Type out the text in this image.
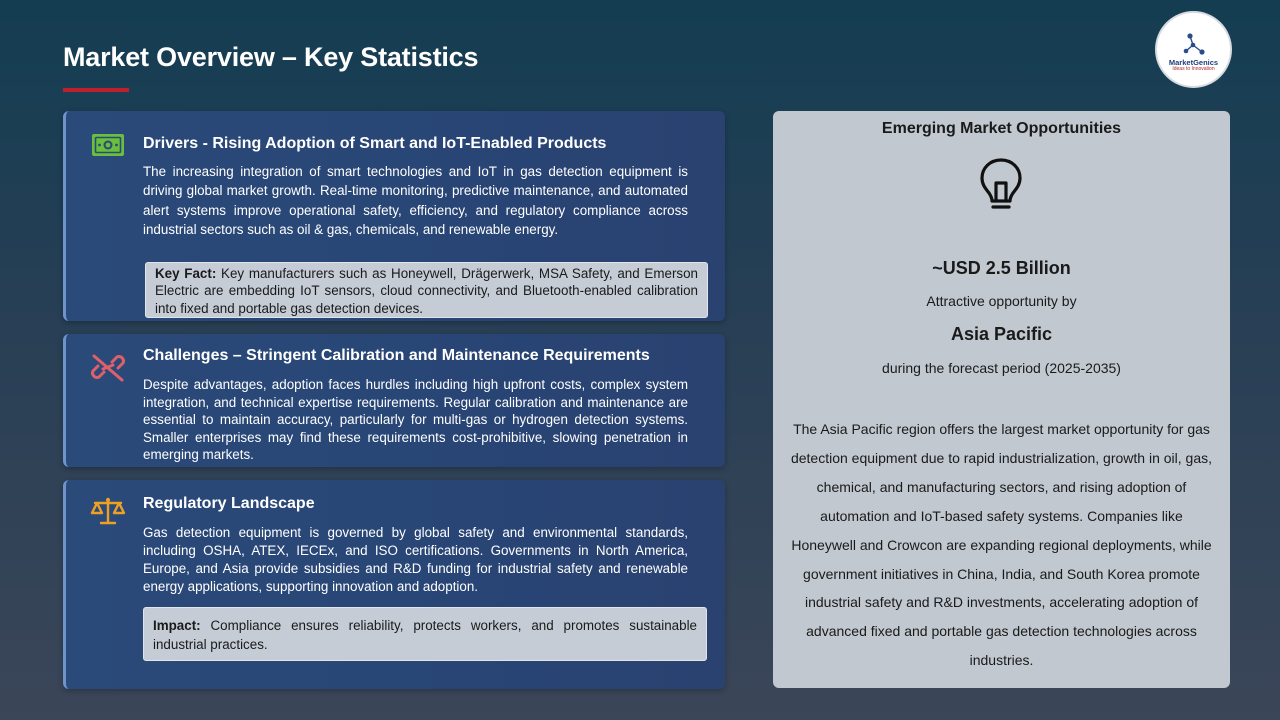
Market Overview – Key Statistics	MarketGenics
Ideas to Innovation
Drivers - Rising Adoption of Smart and IoT-Enabled Products
The increasing integration of smart technologies and IoT in gas detection equipment is driving global market growth. Real-time monitoring, predictive maintenance, and automated alert systems improve operational safety, efficiency, and regulatory compliance across industrial sectors such as oil & gas, chemicals, and renewable energy.
Key Fact: Key manufacturers such as Honeywell, Drägerwerk, MSA Safety, and Emerson Electric are embedding IoT sensors, cloud connectivity, and Bluetooth-enabled calibration into fixed and portable gas detection devices.
Challenges – Stringent Calibration and Maintenance Requirements
Despite advantages, adoption faces hurdles including high upfront costs, complex system integration, and technical expertise requirements. Regular calibration and maintenance are essential to maintain accuracy, particularly for multi-gas or hydrogen detection systems. Smaller enterprises may find these requirements cost-prohibitive, slowing penetration in emerging markets.
Regulatory Landscape
Gas detection equipment is governed by global safety and environmental standards, including OSHA, ATEX, IECEx, and ISO certifications. Governments in North America, Europe, and Asia provide subsidies and R&D funding for industrial safety and renewable energy applications, supporting innovation and adoption.
Impact: Compliance ensures reliability, protects workers, and promotes sustainable industrial practices.
Emerging Market Opportunities
~USD 2.5 Billion
Attractive opportunity by
Asia Pacific
during the forecast period (2025-2035)
The Asia Pacific region offers the largest market opportunity for gas detection equipment due to rapid industrialization, growth in oil, gas, chemical, and manufacturing sectors, and rising adoption of automation and IoT-based safety systems. Companies like Honeywell and Crowcon are expanding regional deployments, while government initiatives in China, India, and South Korea promote industrial safety and R&D investments, accelerating adoption of advanced fixed and portable gas detection technologies across industries.
